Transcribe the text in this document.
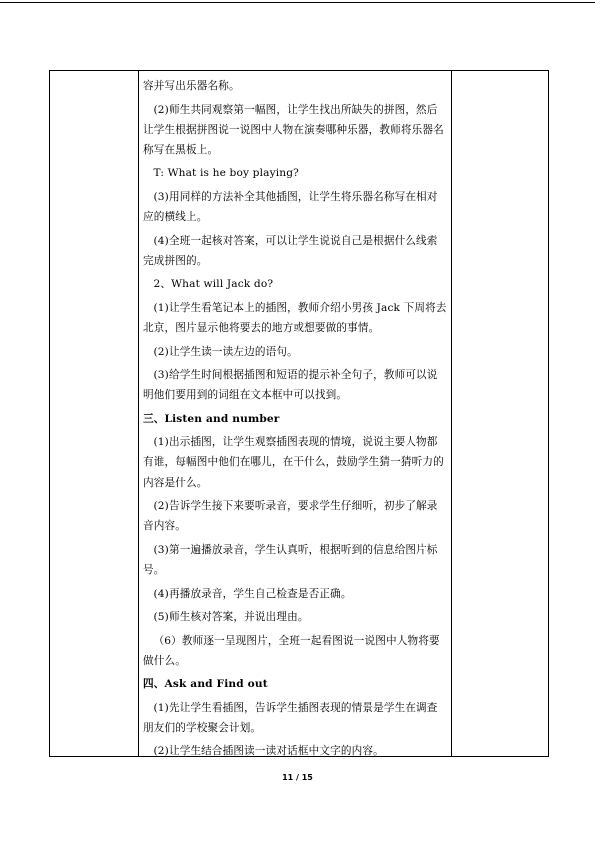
容并写出乐器名称。

(2)师生共同观察第一幅图，让学生找出所缺失的拼图，然后让学生根据拼图说一说图中人物在演奏哪种乐器，教师将乐器名称写在黑板上。

T: What is he boy playing?

(3)用同样的方法补全其他插图，让学生将乐器名称写在相对应的横线上。

(4)全班一起核对答案，可以让学生说说自己是根据什么线索完成拼图的。

2、What will Jack do?

(1)让学生看笔记本上的插图，教师介绍小男孩 Jack 下周将去北京，图片显示他将要去的地方或想要做的事情。

(2)让学生读一读左边的语句。

(3)给学生时间根据插图和短语的提示补全句子，教师可以说明他们要用到的词组在文本框中可以找到。

三、Listen and number

(1)出示插图，让学生观察插图表现的情境，说说主要人物都有谁，每幅图中他们在哪儿，在干什么，鼓励学生猜一猜听力的内容是什么。

(2)告诉学生接下来要听录音，要求学生仔细听，初步了解录音内容。

(3)第一遍播放录音，学生认真听，根据听到的信息给图片标号。

(4)再播放录音，学生自己检查是否正确。

(5)师生核对答案，并说出理由。

（6）教师逐一呈现图片，全班一起看图说一说图中人物将要做什么。

四、Ask and Find out

(1)先让学生看插图，告诉学生插图表现的情景是学生在调查朋友们的学校聚会计划。

(2)让学生结合插图读一读对话框中文字的内容。

11 / 15
